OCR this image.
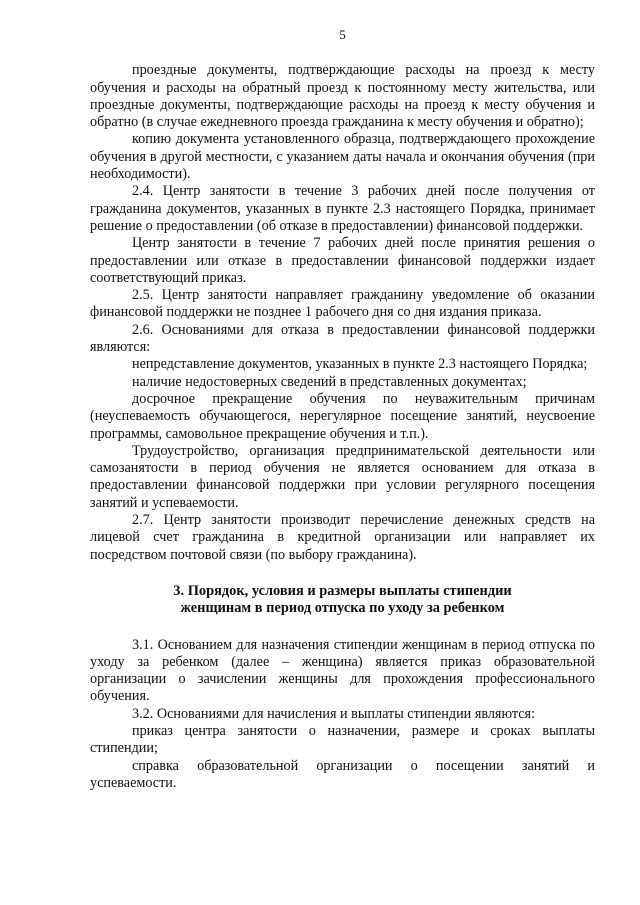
5

проездные документы, подтверждающие расходы на проезд к месту обучения и расходы на обратный проезд к постоянному месту жительства, или проездные документы, подтверждающие расходы на проезд к месту обучения и обратно (в случае ежедневного проезда гражданина к месту обучения и обратно);

копию документа установленного образца, подтверждающего прохождение обучения в другой местности, с указанием даты начала и окончания обучения (при необходимости).

2.4. Центр занятости в течение 3 рабочих дней после получения от гражданина документов, указанных в пункте 2.3 настоящего Порядка, принимает решение о предоставлении (об отказе в предоставлении) финансовой поддержки.

Центр занятости в течение 7 рабочих дней после принятия решения о предоставлении или отказе в предоставлении финансовой поддержки издает соответствующий приказ.

2.5. Центр занятости направляет гражданину уведомление об оказании финансовой поддержки не позднее 1 рабочего дня со дня издания приказа.

2.6. Основаниями для отказа в предоставлении финансовой поддержки являются:

непредставление документов, указанных в пункте 2.3 настоящего Порядка;

наличие недостоверных сведений в представленных документах;

досрочное прекращение обучения по неуважительным причинам (неуспеваемость обучающегося, нерегулярное посещение занятий, неусвоение программы, самовольное прекращение обучения и т.п.).

Трудоустройство, организация предпринимательской деятельности или самозанятости в период обучения не является основанием для отказа в предоставлении финансовой поддержки при условии регулярного посещения занятий и успеваемости.

2.7. Центр занятости производит перечисление денежных средств на лицевой счет гражданина в кредитной организации или направляет их посредством почтовой связи (по выбору гражданина).

3. Порядок, условия и размеры выплаты стипендии

женщинам в период отпуска по уходу за ребенком

3.1. Основанием для назначения стипендии женщинам в период отпуска по уходу за ребенком (далее – женщина) является приказ образовательной организации о зачислении женщины для прохождения профессионального обучения.

3.2. Основаниями для начисления и выплаты стипендии являются:

приказ центра занятости о назначении, размере и сроках выплаты стипендии;

справка образовательной организации о посещении занятий и успеваемости.
